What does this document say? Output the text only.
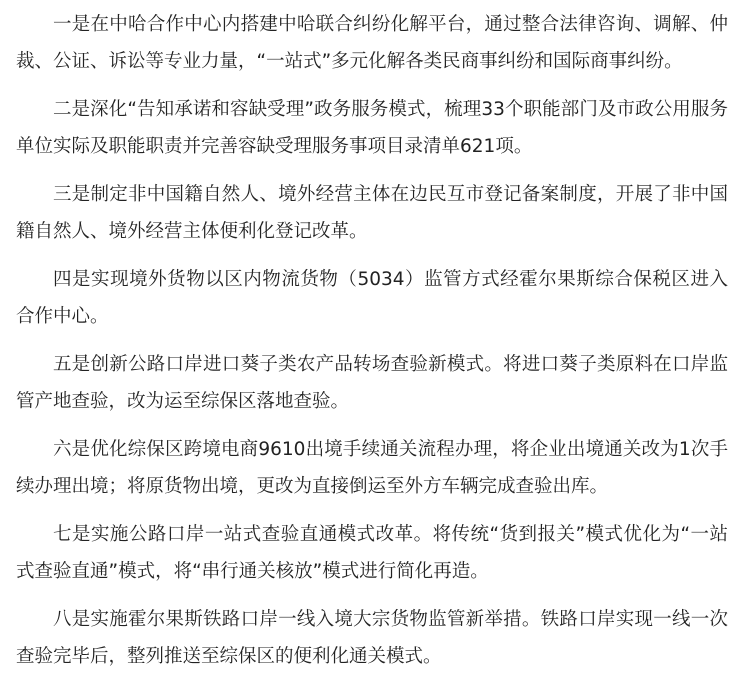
一是在中哈合作中心内搭建中哈联合纠纷化解平台，通过整合法律咨询、调解、仲裁、公证、诉讼等专业力量，“一站式”多元化解各类民商事纠纷和国际商事纠纷。

二是深化“告知承诺和容缺受理”政务服务模式，梳理33个职能部门及市政公用服务单位实际及职能职责并完善容缺受理服务事项目录清单621项。

三是制定非中国籍自然人、境外经营主体在边民互市登记备案制度，开展了非中国籍自然人、境外经营主体便利化登记改革。

四是实现境外货物以区内物流货物（5034）监管方式经霍尔果斯综合保税区进入合作中心。

五是创新公路口岸进口葵子类农产品转场查验新模式。将进口葵子类原料在口岸监管产地查验，改为运至综保区落地查验。

六是优化综保区跨境电商9610出境手续通关流程办理，将企业出境通关改为1次手续办理出境；将原货物出境，更改为直接倒运至外方车辆完成查验出库。

七是实施公路口岸一站式查验直通模式改革。将传统“货到报关”模式优化为“一站式查验直通”模式，将“串行通关核放”模式进行简化再造。

八是实施霍尔果斯铁路口岸一线入境大宗货物监管新举措。铁路口岸实现一线一次查验完毕后，整列推送至综保区的便利化通关模式。
